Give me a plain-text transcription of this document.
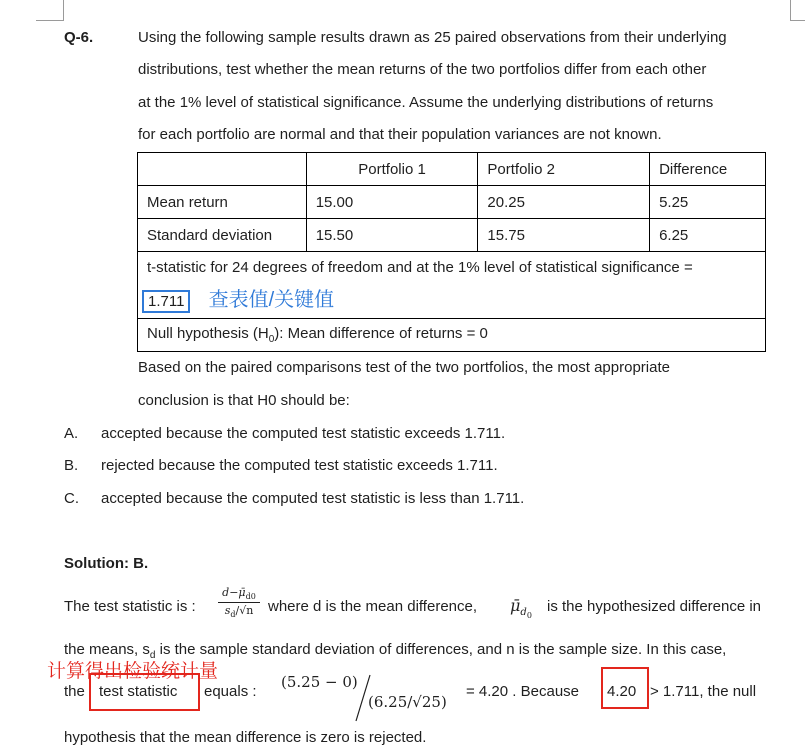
Q-6.	Using the following sample results drawn as 25 paired observations from their underlying
distributions, test whether the mean returns of the two portfolios differ from each other
at the 1% level of statistical significance. Assume the underlying distributions of returns
for each portfolio are normal and that their population variances are not known.
	Portfolio 1	Portfolio 2	Difference
Mean return	15.00	20.25	5.25
Standard deviation	15.50	15.75	6.25

t-statistic for 24 degrees of freedom and at the 1% level of statistical significance =
1.711 查表值/关键值			

Null hypothesis $(H_0)$: Mean difference of returns = 0			
Based on the paired comparisons test of the two portfolios, the most appropriate
conclusion is that H0 should be:
A. accepted because the computed test statistic exceeds 1.711.
B. rejected because the computed test statistic exceeds 1.711.
C. accepted because the computed test statistic is less than 1.711.
Solution: B.
The test statistic is : $\frac{d-\mū_{d0}}{s_d/√n}$ where d is the mean difference, $\mū_{d_0}$
is the hypothesized difference in
the means, $s_d$ is the sample standard deviation of differences, and n is the sample size. In this case,
计算得出检验统计量
the test statistic equals :
(5.25 − 0)
(6.25/√25)
= 4.20 . Because 4.20 > 1.711, the null
hypothesis that the mean difference is zero is rejected.
